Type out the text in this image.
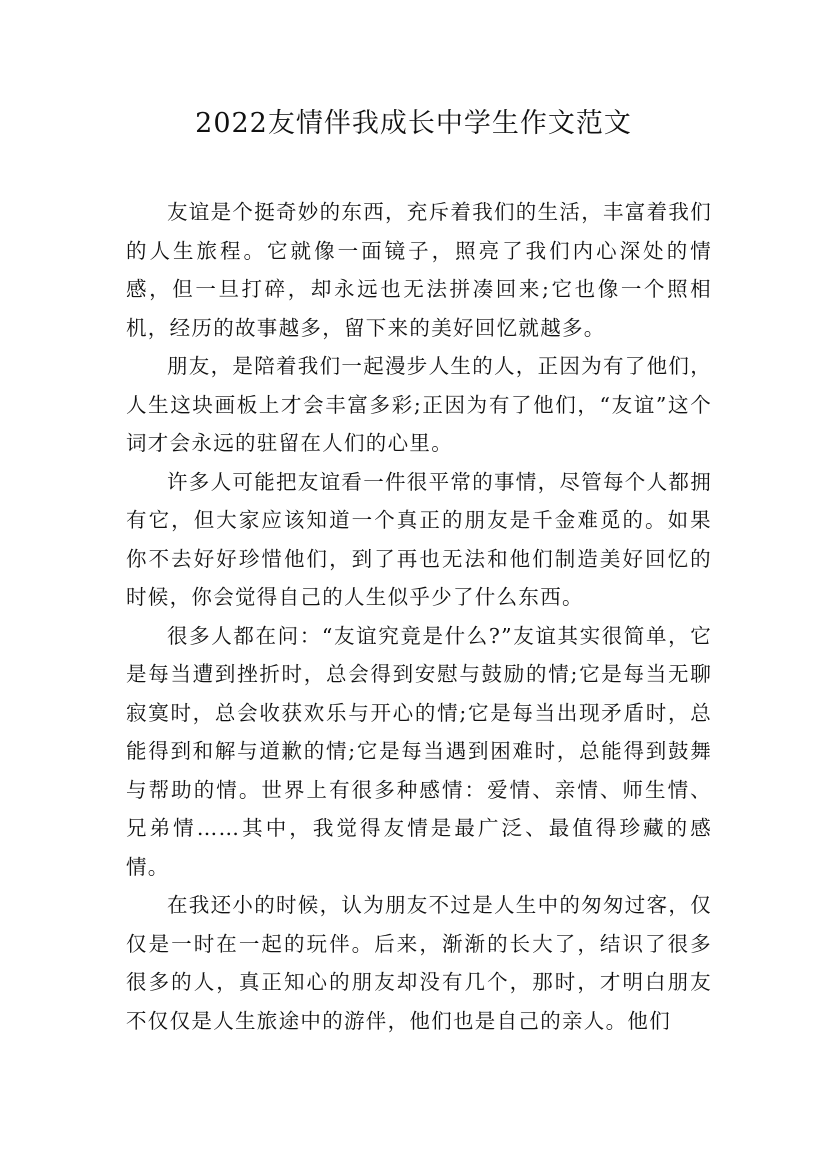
2022友情伴我成长中学生作文范文

友谊是个挺奇妙的东西，充斥着我们的生活，丰富着我们的人生旅程。它就像一面镜子，照亮了我们内心深处的情感，但一旦打碎，却永远也无法拼凑回来;它也像一个照相机，经历的故事越多，留下来的美好回忆就越多。

朋友，是陪着我们一起漫步人生的人，正因为有了他们，人生这块画板上才会丰富多彩;正因为有了他们，“友谊”这个词才会永远的驻留在人们的心里。

许多人可能把友谊看一件很平常的事情，尽管每个人都拥有它，但大家应该知道一个真正的朋友是千金难觅的。如果你不去好好珍惜他们，到了再也无法和他们制造美好回忆的时候，你会觉得自己的人生似乎少了什么东西。

很多人都在问：“友谊究竟是什么?”友谊其实很简单，它是每当遭到挫折时，总会得到安慰与鼓励的情;它是每当无聊寂寞时，总会收获欢乐与开心的情;它是每当出现矛盾时，总能得到和解与道歉的情;它是每当遇到困难时，总能得到鼓舞与帮助的情。世界上有很多种感情：爱情、亲情、师生情、兄弟情……其中，我觉得友情是最广泛、最值得珍藏的感情。

在我还小的时候，认为朋友不过是人生中的匆匆过客，仅仅是一时在一起的玩伴。后来，渐渐的长大了，结识了很多很多的人，真正知心的朋友却没有几个，那时，才明白朋友不仅仅是人生旅途中的游伴，他们也是自己的亲人。他们
